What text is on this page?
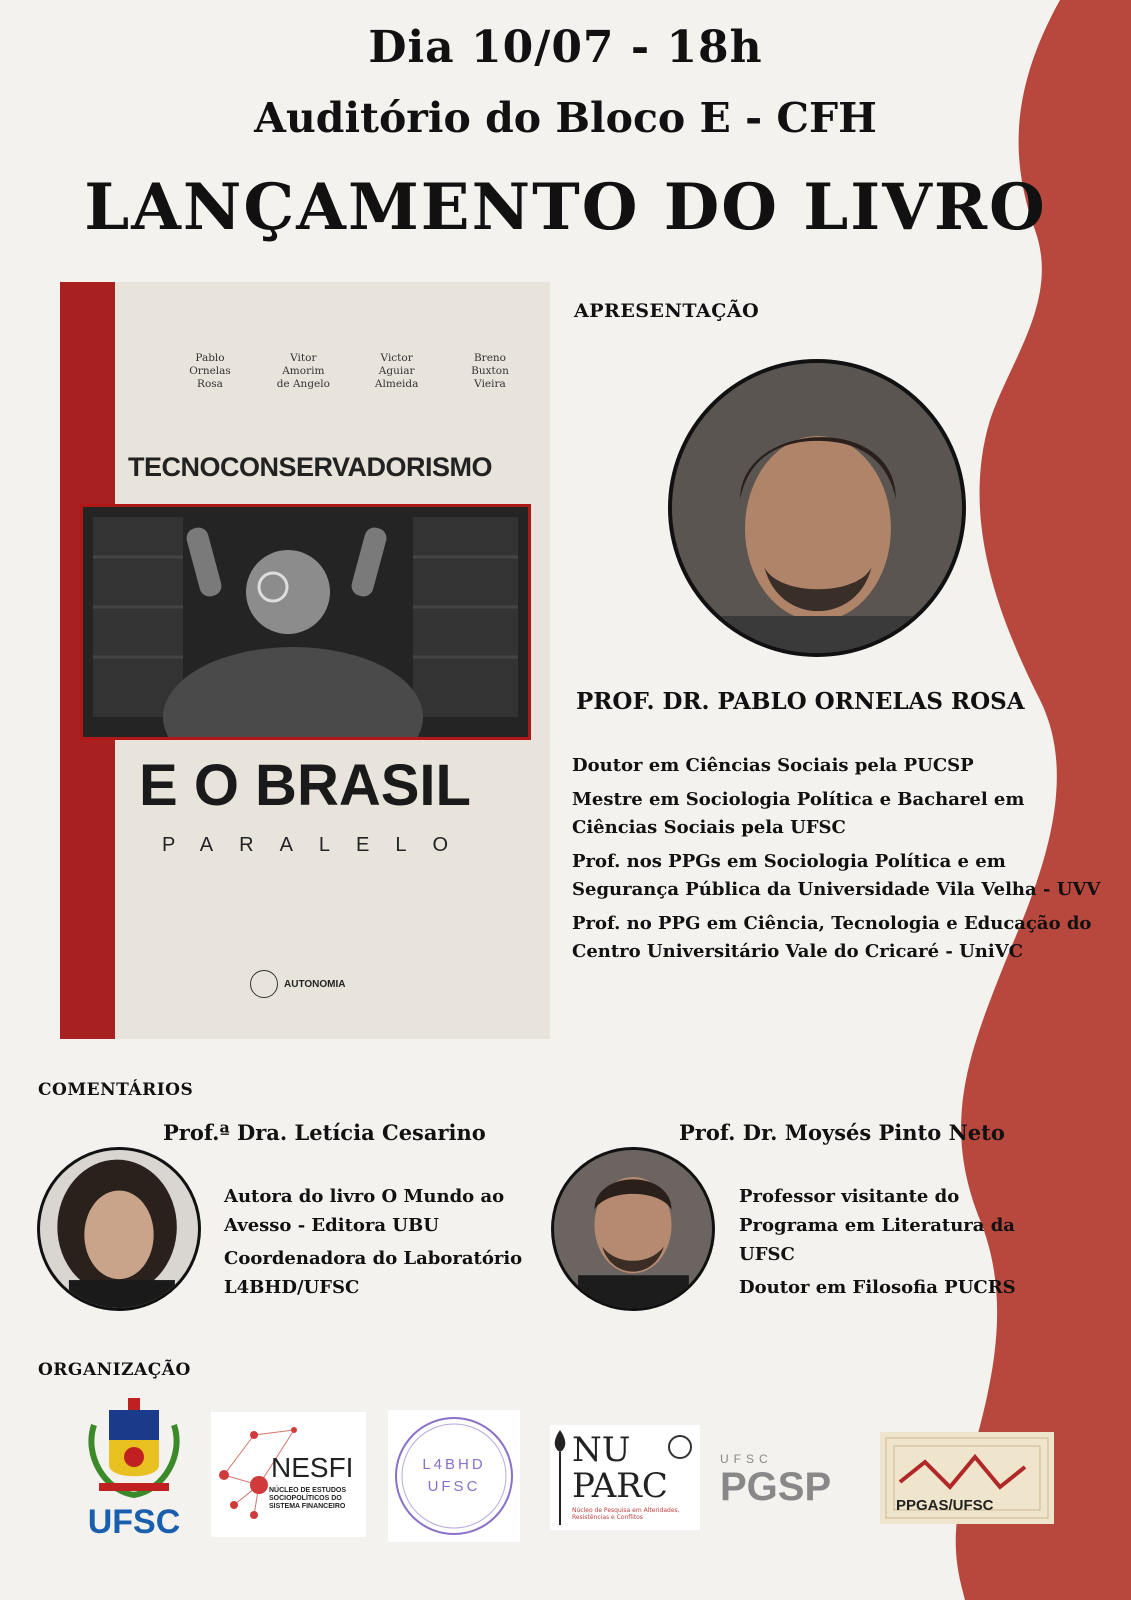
Dia 10/07 - 18h
Auditório do Bloco E - CFH
LANÇAMENTO DO LIVRO
Pablo
Ornelas
Rosa
Vitor
Amorim
de Angelo
Victor
Aguiar
Almeida
Breno
Buxton
Vieira
TECNOCONSERVADORISMO
E O BRASIL
PARALELO
AUTONOMIA
APRESENTAÇÃO
PROF. DR. PABLO ORNELAS ROSA
Doutor em Ciências Sociais pela PUCSP
Mestre em Sociologia Política e Bacharel em Ciências Sociais pela UFSC
Prof. nos PPGs em Sociologia Política e em Segurança Pública da Universidade Vila Velha - UVV
Prof. no PPG em Ciência, Tecnologia e Educação do Centro Universitário Vale do Cricaré - UniVC
COMENTÁRIOS
Prof.ª Dra. Letícia Cesarino
Autora do livro O Mundo ao Avesso - Editora UBU
Coordenadora do Laboratório L4BHD/UFSC
Prof. Dr. Moysés Pinto Neto
Professor visitante do Programa em Literatura da UFSC
Doutor em Filosofia PUCRS
ORGANIZAÇÃO
UFSC
NESFI
NÚCLEO DE ESTUDOS SOCIOPOLÍTICOS DO SISTEMA FINANCEIRO
L4BHD
UFSC
NU
PARC
Núcleo de Pesquisa em Alteridades, Resistências e Conflitos
UFSC
PGSP	PPGAS/UFSC
